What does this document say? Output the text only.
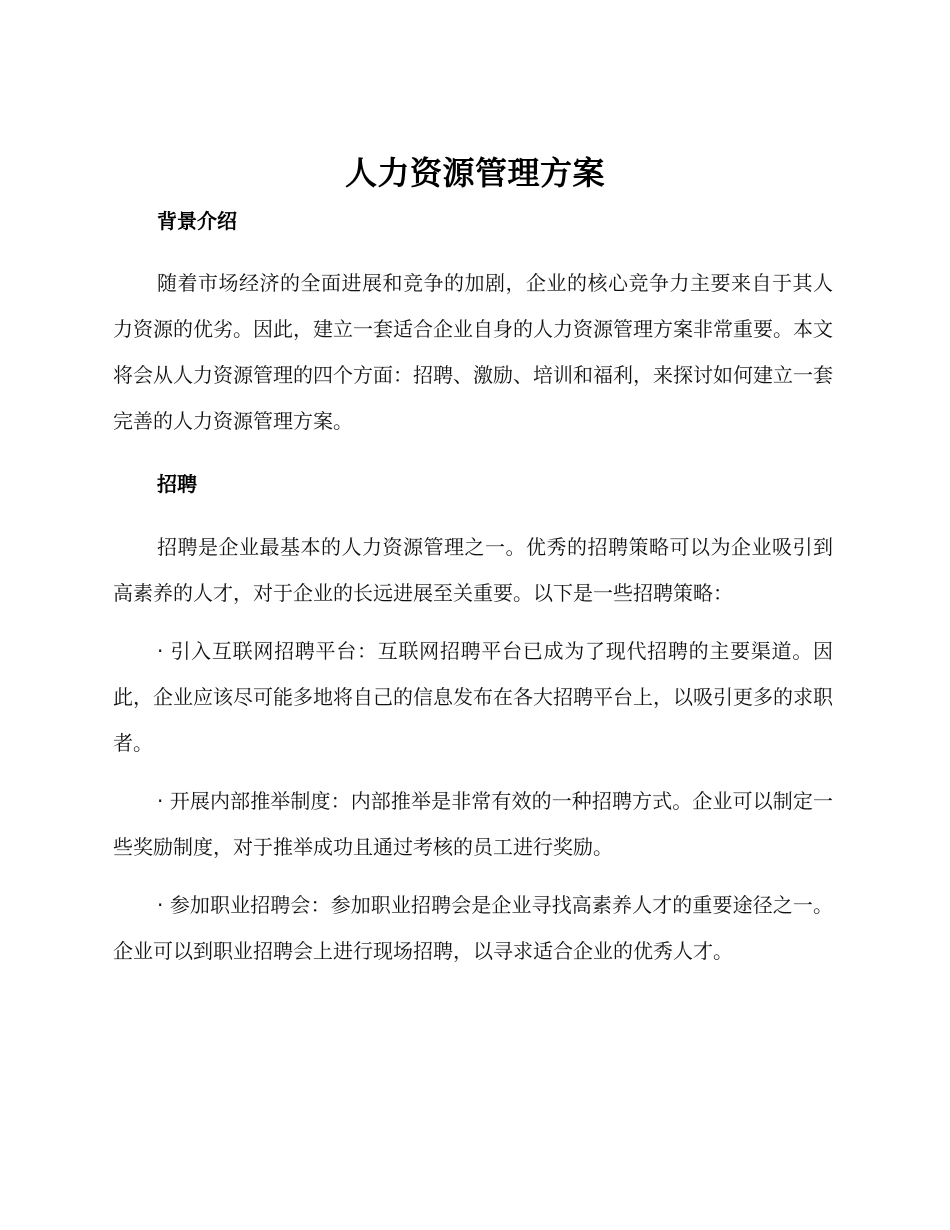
人力资源管理方案

背景介绍

随着市场经济的全面进展和竞争的加剧，企业的核心竞争力主要来自于其人力资源的优劣。因此，建立一套适合企业自身的人力资源管理方案非常重要。本文将会从人力资源管理的四个方面：招聘、激励、培训和福利，来探讨如何建立一套完善的人力资源管理方案。

招聘

招聘是企业最基本的人力资源管理之一。优秀的招聘策略可以为企业吸引到高素养的人才，对于企业的长远进展至关重要。以下是一些招聘策略：

· 引入互联网招聘平台：互联网招聘平台已成为了现代招聘的主要渠道。因此，企业应该尽可能多地将自己的信息发布在各大招聘平台上，以吸引更多的求职者。

· 开展内部推举制度：内部推举是非常有效的一种招聘方式。企业可以制定一些奖励制度，对于推举成功且通过考核的员工进行奖励。

· 参加职业招聘会：参加职业招聘会是企业寻找高素养人才的重要途径之一。企业可以到职业招聘会上进行现场招聘，以寻求适合企业的优秀人才。
